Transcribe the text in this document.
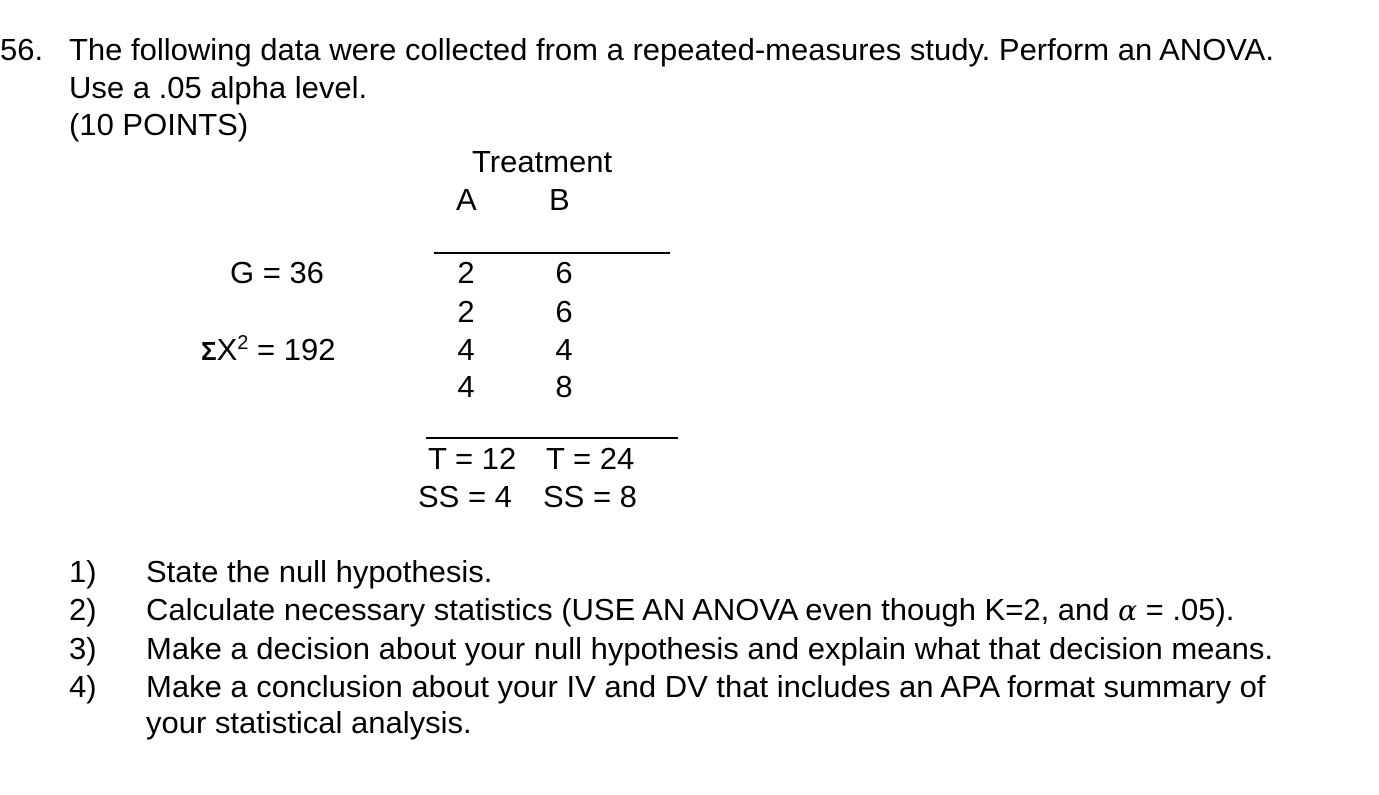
56. The following data were collected from a repeated-measures study. Perform an ANOVA.
Use a .05 alpha level.
(10 POINTS)
Treatment
A B
G = 36
$\Sigma X^2 = 192$
2
2
4
4
6
6
4
8
T = 12 T = 24
SS = 4 SS = 8
1) State the null hypothesis.
2) Calculate necessary statistics (USE AN ANOVA even though K=2, and α = .05).
3) Make a decision about your null hypothesis and explain what that decision means.
4) Make a conclusion about your IV and DV that includes an APA format summary of
your statistical analysis.
